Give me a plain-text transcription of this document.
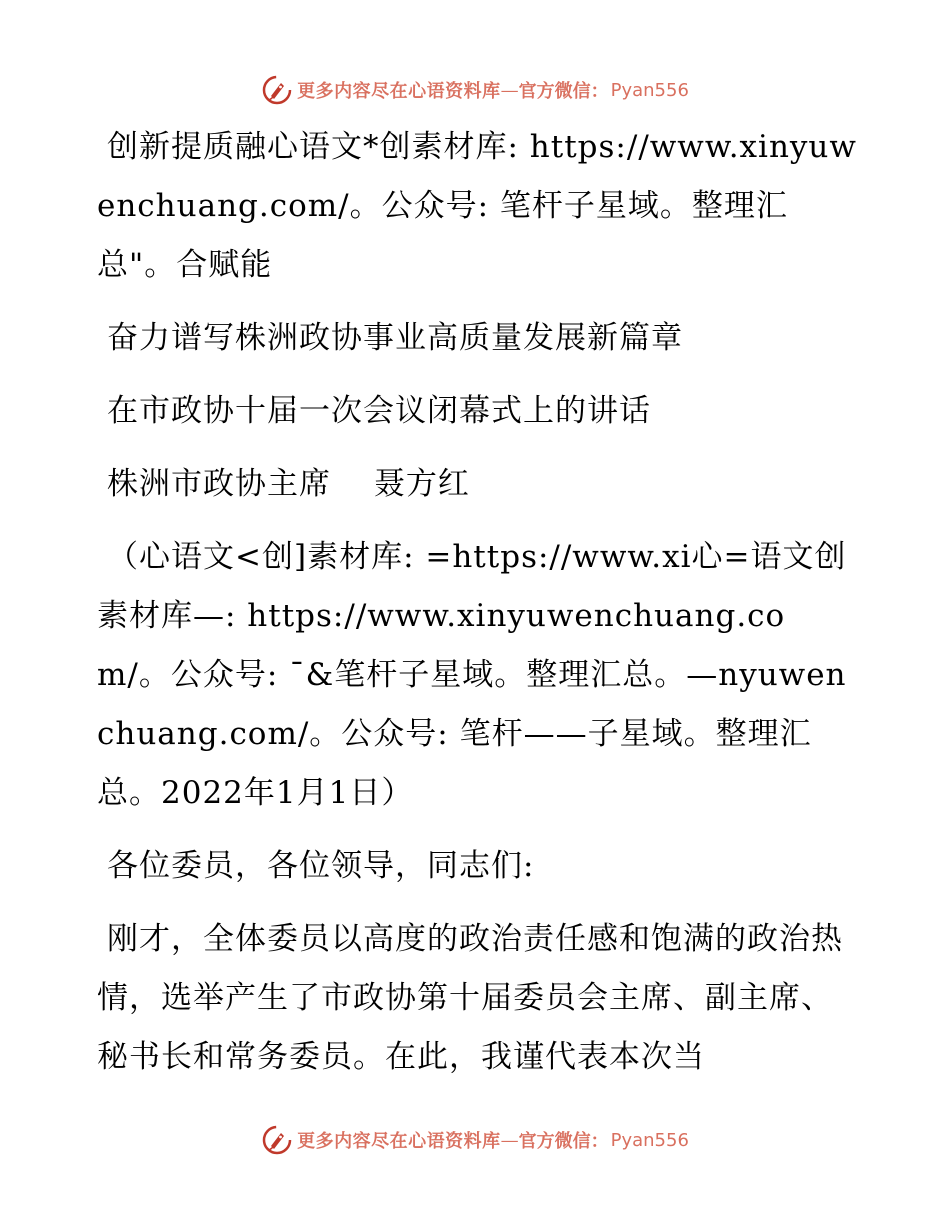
更多内容尽在心语资料库 — 官方微信： Pyan556

创新提质融心语文*创素材库: https://www.xinyuwenchuang.com/。公众号: 笔杆子星域。整理汇总"。合赋能

奋力谱写株洲政协事业高质量发展新篇章

在市政协十届一次会议闭幕式上的讲话

株洲市政协主席　 聂方红

（心语文<创]素材库: =https://www.xi心=语文创素材库—: https://www.xinyuwenchuang.com/。公众号: ¯&笔杆子星域。整理汇总。—nyuwenchuang.com/。公众号: 笔杆——子星域。整理汇总。2022年1月1日）

各位委员，各位领导，同志们:

刚才，全体委员以高度的政治责任感和饱满的政治热情，选举产生了市政协第十届委员会主席、副主席、秘书长和常务委员。在此，我谨代表本次当

更多内容尽在心语资料库 — 官方微信： Pyan556
